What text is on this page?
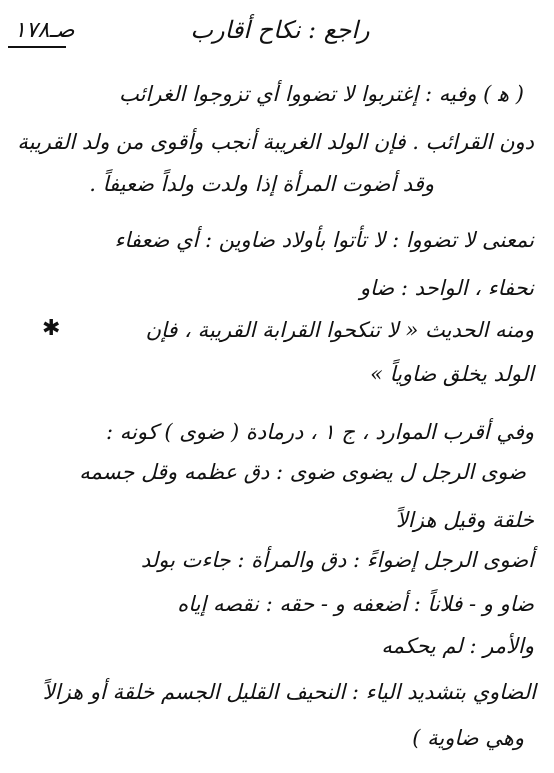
صـ١٧٨	راجع : نكاح أقارب
( ﻫ ) وفيه : إغتربوا لا تضووا أي تزوجوا الغرائب
دون القرائب . فإن الولد الغريبة أنجب وأقوى من ولد القريبة
وقد أضوت المرأة إذا ولدت ولداً ضعيفاً .
نمعنى لا تضووا : لا تأتوا بأولاد ضاوين : أي ضعفاء
نحفاء ، الواحد : ضاو
✱	ومنه الحديث « لا تنكحوا القرابة القريبة ، فإن
الولد يخلق ضاوياً »
وفي أقرب الموارد ، ج ١ ، درمادة ( ضوى ) كونه :
ضوى الرجل ل يضوى ضوى : دق عظمه وقل جسمه
خلقة وقيل هزالاً
أضوى الرجل إضواءً : دق والمرأة : جاءت بولد
ضاو و - فلاناً : أضعفه و - حقه : نقصه إياه
والأمر : لم يحكمه
الضاوي بتشديد الياء : النحيف القليل الجسم خلقة أو هزالاً
وهي ضاوية )
